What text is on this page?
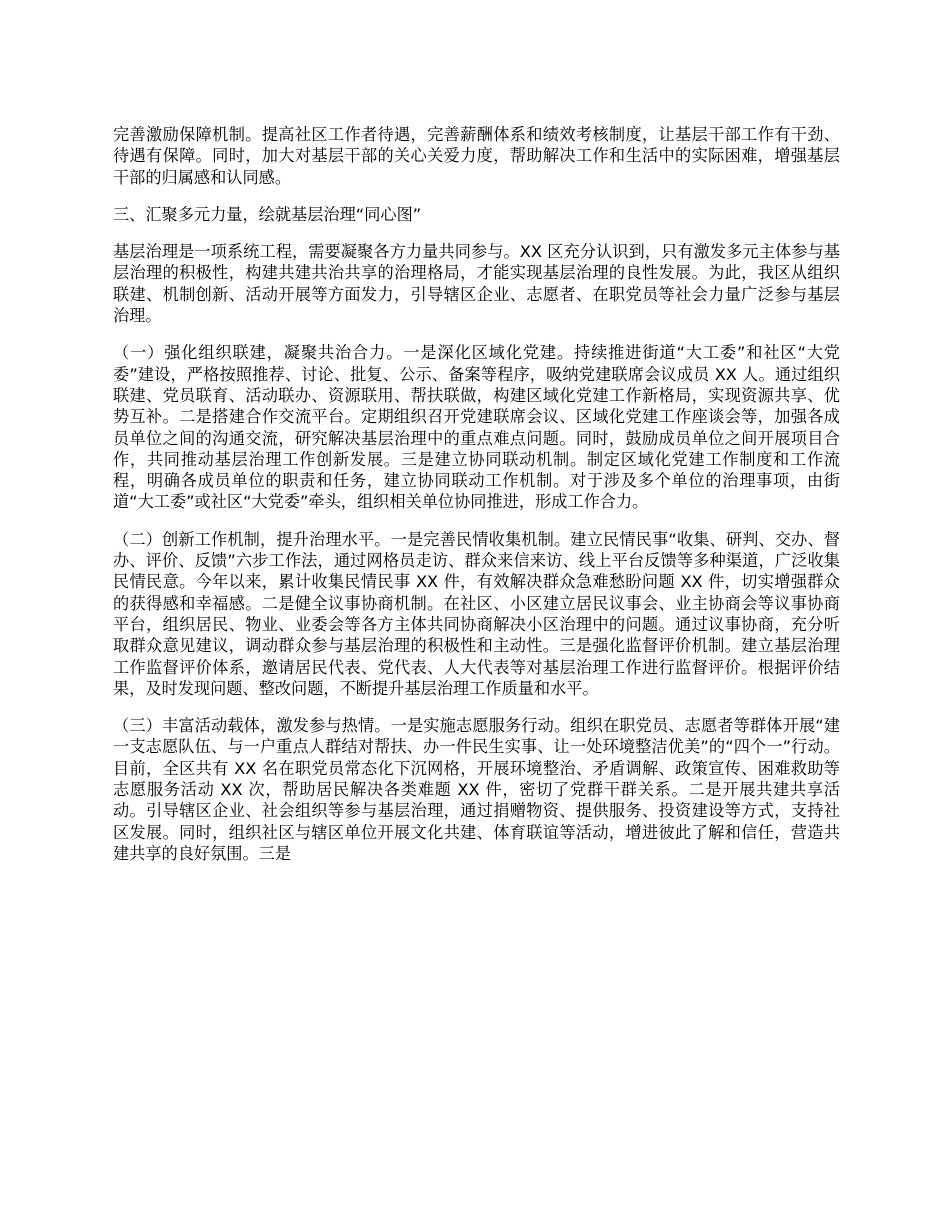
完善激励保障机制。提高社区工作者待遇，完善薪酬体系和绩效考核制度，让基层干部工作有干劲、待遇有保障。同时，加大对基层干部的关心关爱力度，帮助解决工作和生活中的实际困难，增强基层干部的归属感和认同感。

三、汇聚多元力量，绘就基层治理“同心图”

基层治理是一项系统工程，需要凝聚各方力量共同参与。XX 区充分认识到，只有激发多元主体参与基层治理的积极性，构建共建共治共享的治理格局，才能实现基层治理的良性发展。为此，我区从组织联建、机制创新、活动开展等方面发力，引导辖区企业、志愿者、在职党员等社会力量广泛参与基层治理。

（一）强化组织联建，凝聚共治合力。一是深化区域化党建。持续推进街道“大工委”和社区“大党委”建设，严格按照推荐、讨论、批复、公示、备案等程序，吸纳党建联席会议成员 XX 人。通过组织联建、党员联育、活动联办、资源联用、帮扶联做，构建区域化党建工作新格局，实现资源共享、优势互补。二是搭建合作交流平台。定期组织召开党建联席会议、区域化党建工作座谈会等，加强各成员单位之间的沟通交流，研究解决基层治理中的重点难点问题。同时，鼓励成员单位之间开展项目合作，共同推动基层治理工作创新发展。三是建立协同联动机制。制定区域化党建工作制度和工作流程，明确各成员单位的职责和任务，建立协同联动工作机制。对于涉及多个单位的治理事项，由街道“大工委”或社区“大党委”牵头，组织相关单位协同推进，形成工作合力。

（二）创新工作机制，提升治理水平。一是完善民情收集机制。建立民情民事“收集、研判、交办、督办、评价、反馈”六步工作法，通过网格员走访、群众来信来访、线上平台反馈等多种渠道，广泛收集民情民意。今年以来，累计收集民情民事 XX 件，有效解决群众急难愁盼问题 XX 件，切实增强群众的获得感和幸福感。二是健全议事协商机制。在社区、小区建立居民议事会、业主协商会等议事协商平台，组织居民、物业、业委会等各方主体共同协商解决小区治理中的问题。通过议事协商，充分听取群众意见建议，调动群众参与基层治理的积极性和主动性。三是强化监督评价机制。建立基层治理工作监督评价体系，邀请居民代表、党代表、人大代表等对基层治理工作进行监督评价。根据评价结果，及时发现问题、整改问题，不断提升基层治理工作质量和水平。

（三）丰富活动载体，激发参与热情。一是实施志愿服务行动。组织在职党员、志愿者等群体开展“建一支志愿队伍、与一户重点人群结对帮扶、办一件民生实事、让一处环境整洁优美”的“四个一”行动。目前，全区共有 XX 名在职党员常态化下沉网格，开展环境整治、矛盾调解、政策宣传、困难救助等志愿服务活动 XX 次，帮助居民解决各类难题 XX 件，密切了党群干群关系。二是开展共建共享活动。引导辖区企业、社会组织等参与基层治理，通过捐赠物资、提供服务、投资建设等方式，支持社区发展。同时，组织社区与辖区单位开展文化共建、体育联谊等活动，增进彼此了解和信任，营造共建共享的良好氛围。三是
